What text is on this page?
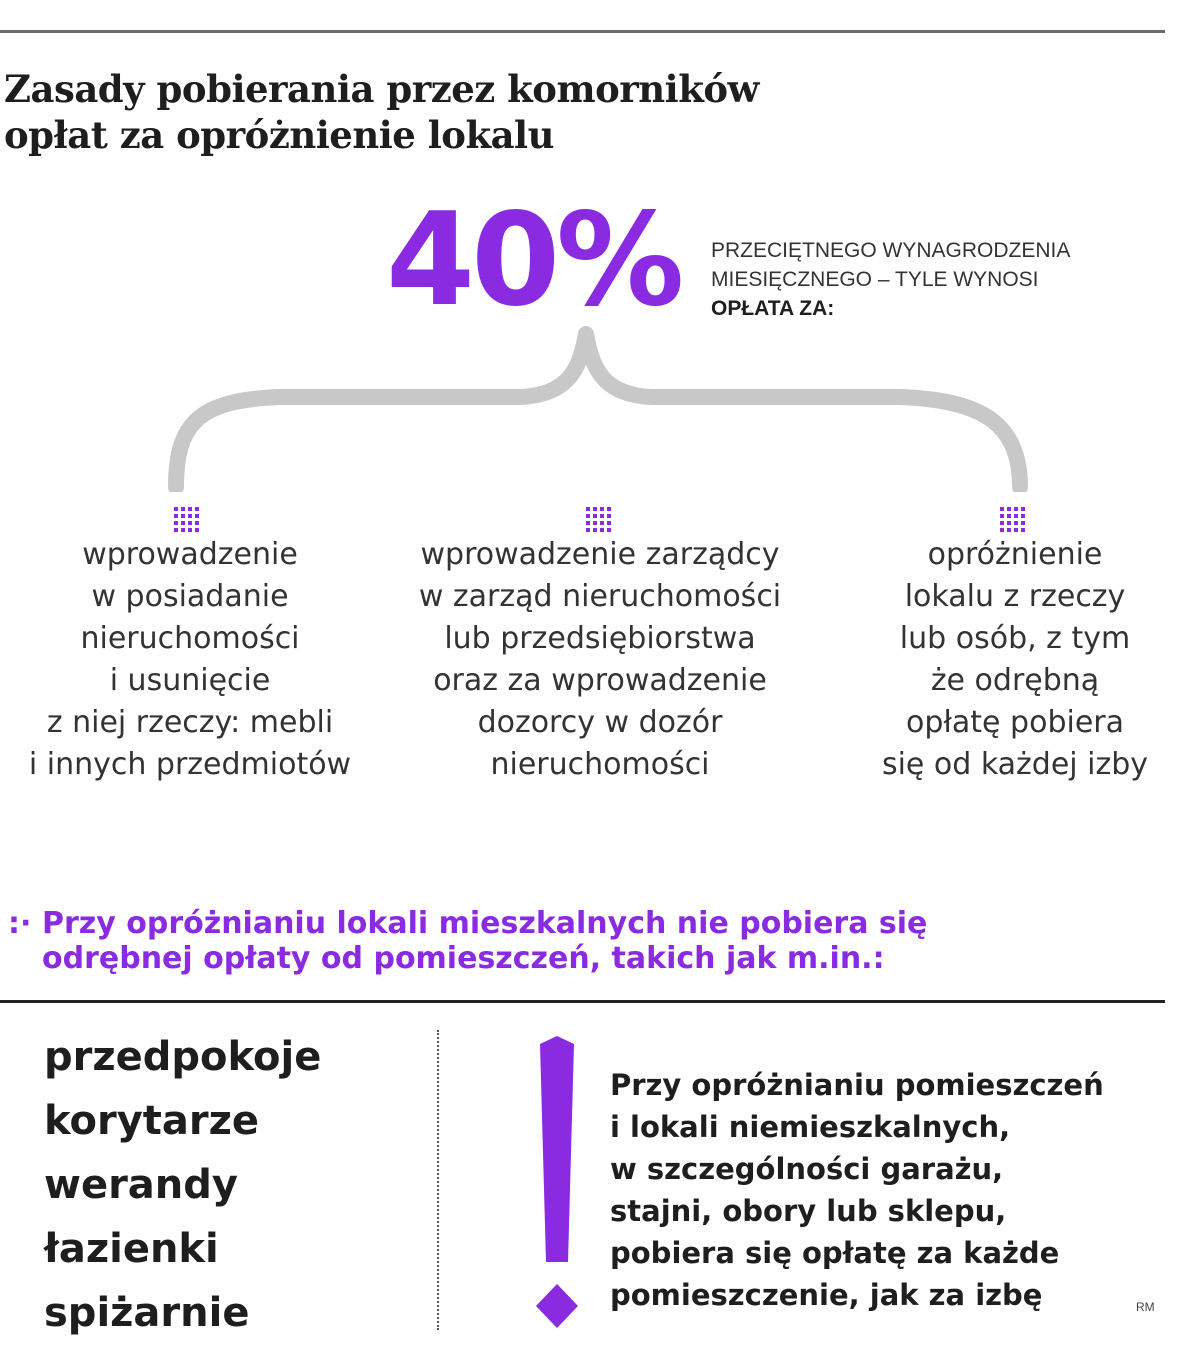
Zasady pobierania przez komorników
opłat za opróżnienie lokalu
40% PRZECIĘTNEGO WYNAGRODZENIA
MIESIĘCZNEGO – TYLE WYNOSI
OPŁATA ZA:
wprowadzenie
w posiadanie
nieruchomości
i usunięcie
z niej rzeczy: mebli
i innych przedmiotów
wprowadzenie zarządcy
w zarząd nieruchomości
lub przedsiębiorstwa
oraz za wprowadzenie
dozorcy w dozór
nieruchomości
opróżnienie
lokalu z rzeczy
lub osób, z tym
że odrębną
opłatę pobiera
się od każdej izby
:· Przy opróżnianiu lokali mieszkalnych nie pobiera się
odrębnej opłaty od pomieszczeń, takich jak m.in.:
przedpokoje
korytarze
werandy
łazienki
spiżarnie
Przy opróżnianiu pomieszczeń
i lokali niemieszkalnych,
w szczególności garażu,
stajni, obory lub sklepu,
pobiera się opłatę za każde
pomieszczenie, jak za izbę	RM
